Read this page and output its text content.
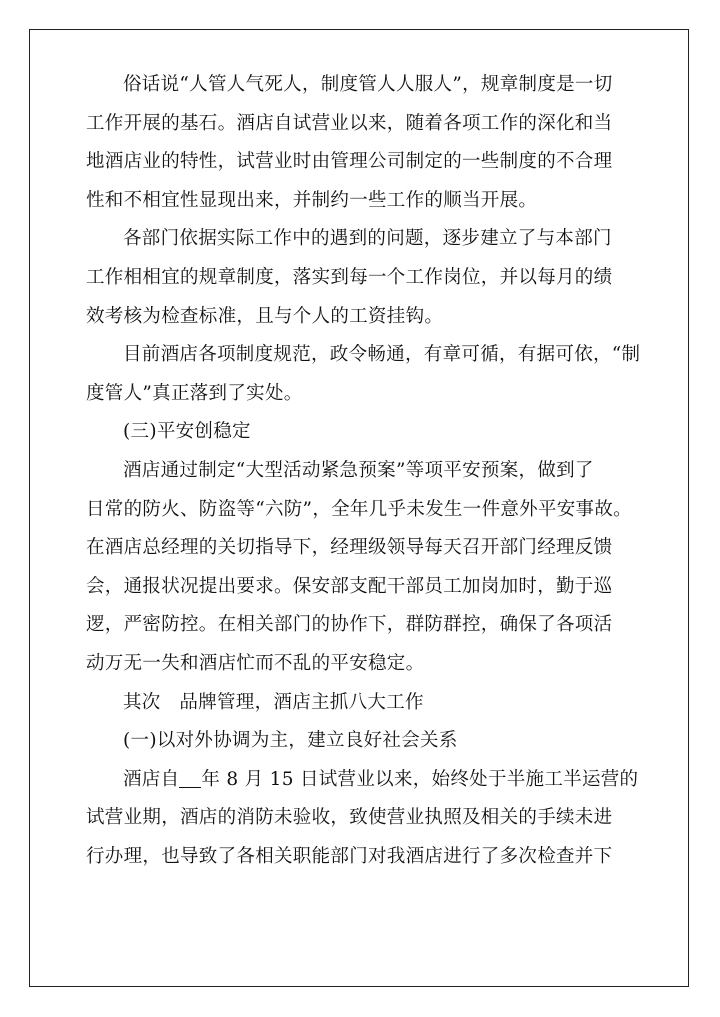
俗话说“人管人气死人，制度管人人服人”，规章制度是一切
工作开展的基石。酒店自试营业以来，随着各项工作的深化和当
地酒店业的特性，试营业时由管理公司制定的一些制度的不合理
性和不相宜性显现出来，并制约一些工作的顺当开展。
各部门依据实际工作中的遇到的问题，逐步建立了与本部门
工作相相宜的规章制度，落实到每一个工作岗位，并以每月的绩
效考核为检查标准，且与个人的工资挂钩。
目前酒店各项制度规范，政令畅通，有章可循，有据可依，“制
度管人”真正落到了实处。
(三)平安创稳定
酒店通过制定“大型活动紧急预案”等项平安预案，做到了
日常的防火、防盗等“六防”，全年几乎未发生一件意外平安事故。
在酒店总经理的关切指导下，经理级领导每天召开部门经理反馈
会，通报状况提出要求。保安部支配干部员工加岗加时，勤于巡
逻，严密防控。在相关部门的协作下，群防群控，确保了各项活
动万无一失和酒店忙而不乱的平安稳定。
其次　品牌管理，酒店主抓八大工作
(一)以对外协调为主，建立良好社会关系
酒店自 年 8 月 15 日试营业以来，始终处于半施工半运营的
试营业期，酒店的消防未验收，致使营业执照及相关的手续未进
行办理，也导致了各相关职能部门对我酒店进行了多次检查并下
